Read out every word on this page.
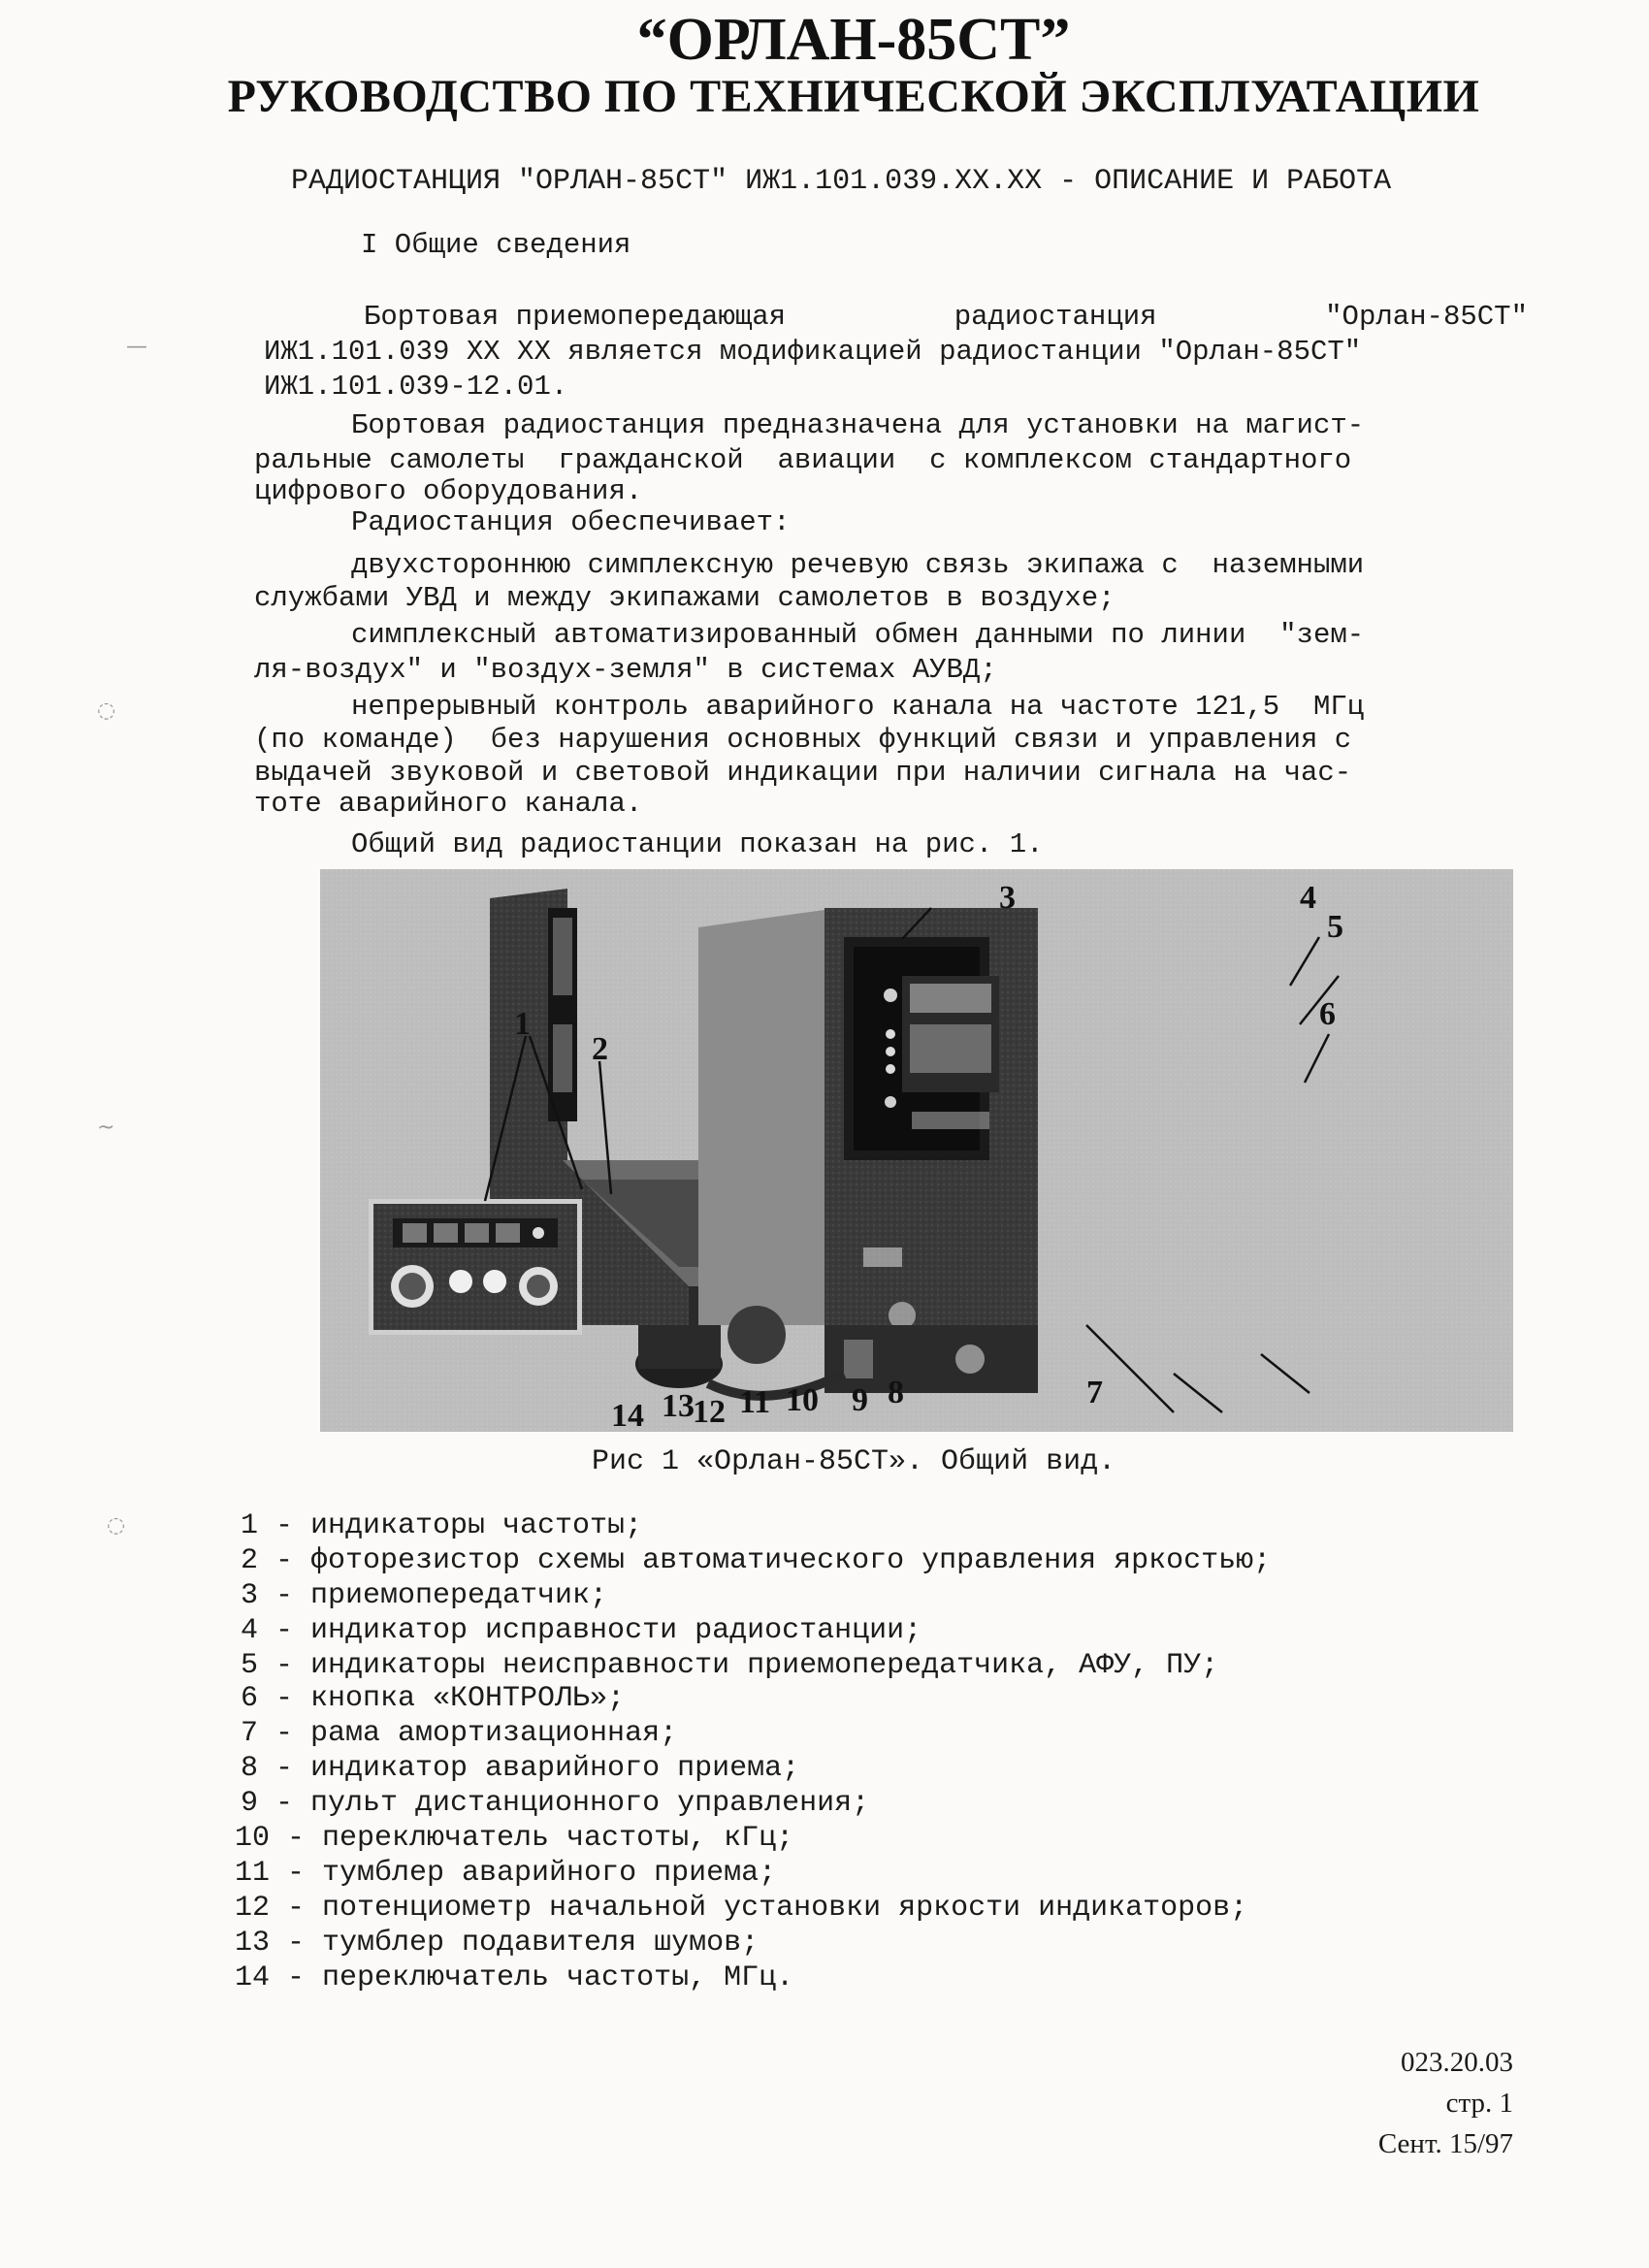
“ОРЛАН-85СТ”
РУКОВОДСТВО ПО ТЕХНИЧЕСКОЙ ЭКСПЛУАТАЦИИ
РАДИОСТАНЦИЯ "ОРЛАН-85СТ" ИЖ1.101.039.XX.XX - ОПИСАНИЕ И РАБОТА
I Общие сведения
Бортовая приемопередающая	радиостанция	"Орлан-85СТ"
ИЖ1.101.039 XX XX является модификацией радиостанции "Орлан-85СТ"
ИЖ1.101.039-12.01.
Бортовая радиостанция предназначена для установки на магист-
ральные самолеты  гражданской  авиации  с комплексом стандартного
цифрового оборудования.
Радиостанция обеспечивает:
двухстороннюю симплексную речевую связь экипажа с  наземными
службами УВД и между экипажами самолетов в воздухе;
симплексный автоматизированный обмен данными по линии  "зем-
ля-воздух" и "воздух-земля" в системах АУВД;
непрерывный контроль аварийного канала на частоте 121,5  МГц
(по команде)  без нарушения основных функций связи и управления с
выдачей звуковой и световой индикации при наличии сигнала на час-
тоте аварийного канала.
Общий вид радиостанции показан на рис. 1.
1
2
3	4
5
6
7
8
9
10
11
12
13
14
Рис 1 «Орлан-85СТ». Общий вид.
1 - индикаторы частоты;
2 - фоторезистор схемы автоматического управления яркостью;
3 - приемопередатчик;
4 - индикатор исправности радиостанции;
5 - индикаторы неисправности приемопередатчика, АФУ, ПУ;
6 - кнопка «КОНТРОЛЬ»;
7 - рама амортизационная;
8 - индикатор аварийного приема;
9 - пульт дистанционного управления;
10 - переключатель частоты, кГц;
11 - тумблер аварийного приема;
12 - потенциометр начальной установки яркости индикаторов;
13 - тумблер подавителя шумов;
14 - переключатель частоты, МГц.
023.20.03
стр. 1
Сент. 15/97
—
◌
~
◌
